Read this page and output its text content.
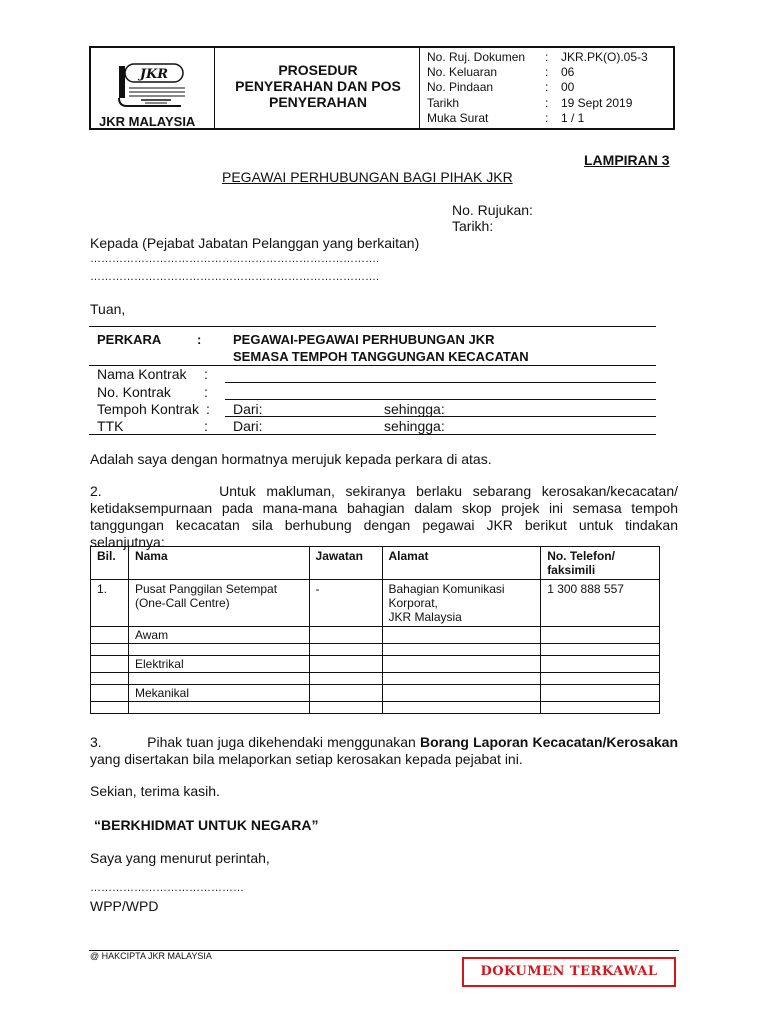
JKR
JKR MALAYSIA
PROSEDUR
PENYERAHAN DAN POS
PENYERAHAN
No. Ruj. Dokumen : JKR.PK(O).05-3
No. Keluaran	: 06
No. Pindaan	: 00
Tarikh	: 19 Sept 2019
Muka Surat	: 1 / 1
LAMPIRAN 3
PEGAWAI PERHUBUNGAN BAGI PIHAK JKR
No. Rujukan:
Tarikh:
Kepada (Pejabat Jabatan Pelanggan yang berkaitan)
…………………………………………………………………….
…………………………………………………………………….
Tuan,
PERKARA	: PEGAWAI-PEGAWAI PERHUBUNGAN JKR
SEMASA TEMPOH TANGGUNGAN KECACATAN
Nama Kontrak :
No. Kontrak :
Tempoh Kontrak : Dari:	sehingga:
TTK	: Dari:	sehingga:
Adalah saya dengan hormatnya merujuk kepada perkara di atas.
2.	Untuk makluman, sekiranya berlaku sebarang kerosakan/kecacatan/ ketidaksempurnaan pada mana-mana bahagian dalam skop projek ini semasa tempoh tanggungan kecacatan sila berhubung dengan pegawai JKR berikut untuk tindakan selanjutnya:
Bil.	Nama	Jawatan	Alamat	No. Telefon/ faksimili
1.	Pusat Panggilan Setempat (One-Call Centre)	-	Bahagian Komunikasi
Korporat,
JKR Malaysia	1 300 888 557
	Awam			

	Elektrikal			

	Mekanikal			

3.	Pihak tuan juga dikehendaki menggunakan Borang Laporan Kecacatan/Kerosakan yang disertakan bila melaporkan setiap kerosakan kepada pejabat ini.
Sekian, terima kasih.
“BERKHIDMAT UNTUK NEGARA”
Saya yang menurut perintah,
……………………………………
WPP/WPD
@ HAKCIPTA JKR MALAYSIA
DOKUMEN TERKAWAL
